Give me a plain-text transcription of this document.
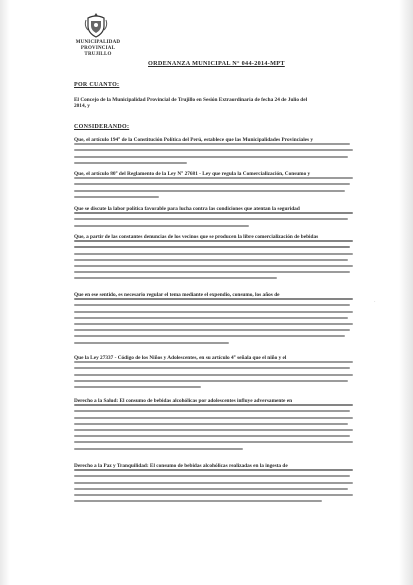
MUNICIPALIDAD PROVINCIAL
TRUJILLO
ORDENANZA MUNICIPAL N° 044-2014-MPT
POR CUANTO:
El Concejo de la Municipalidad Provincial de Trujillo en Sesión Extraordinaria de fecha 24 de Julio del
2014, y
CONSIDERANDO:
Que, el artículo 194° de la Constitución Política del Perú, establece que las Municipalidades Provinciales y
Que, el artículo 80° del Reglamento de la Ley N° 27681 - Ley que regula la Comercialización, Consumo y
Que se discute la labor política favorable para lucha contra las condiciones que atentan la seguridad
Que, a partir de las constantes denuncias de los vecinos que se producen la libre comercialización de bebidas
Que en ese sentido, es necesario regular el tema mediante el expendio, consumo, los años de
·
Que la Ley 27337 - Código de los Niños y Adolescentes, en su artículo 4° señala que el niño y el
Derecho a la Salud: El consumo de bebidas alcohólicas por adolescentes influye adversamente en
Derecho a la Paz y Tranquilidad: El consumo de bebidas alcohólicas realizadas en la ingesta de
